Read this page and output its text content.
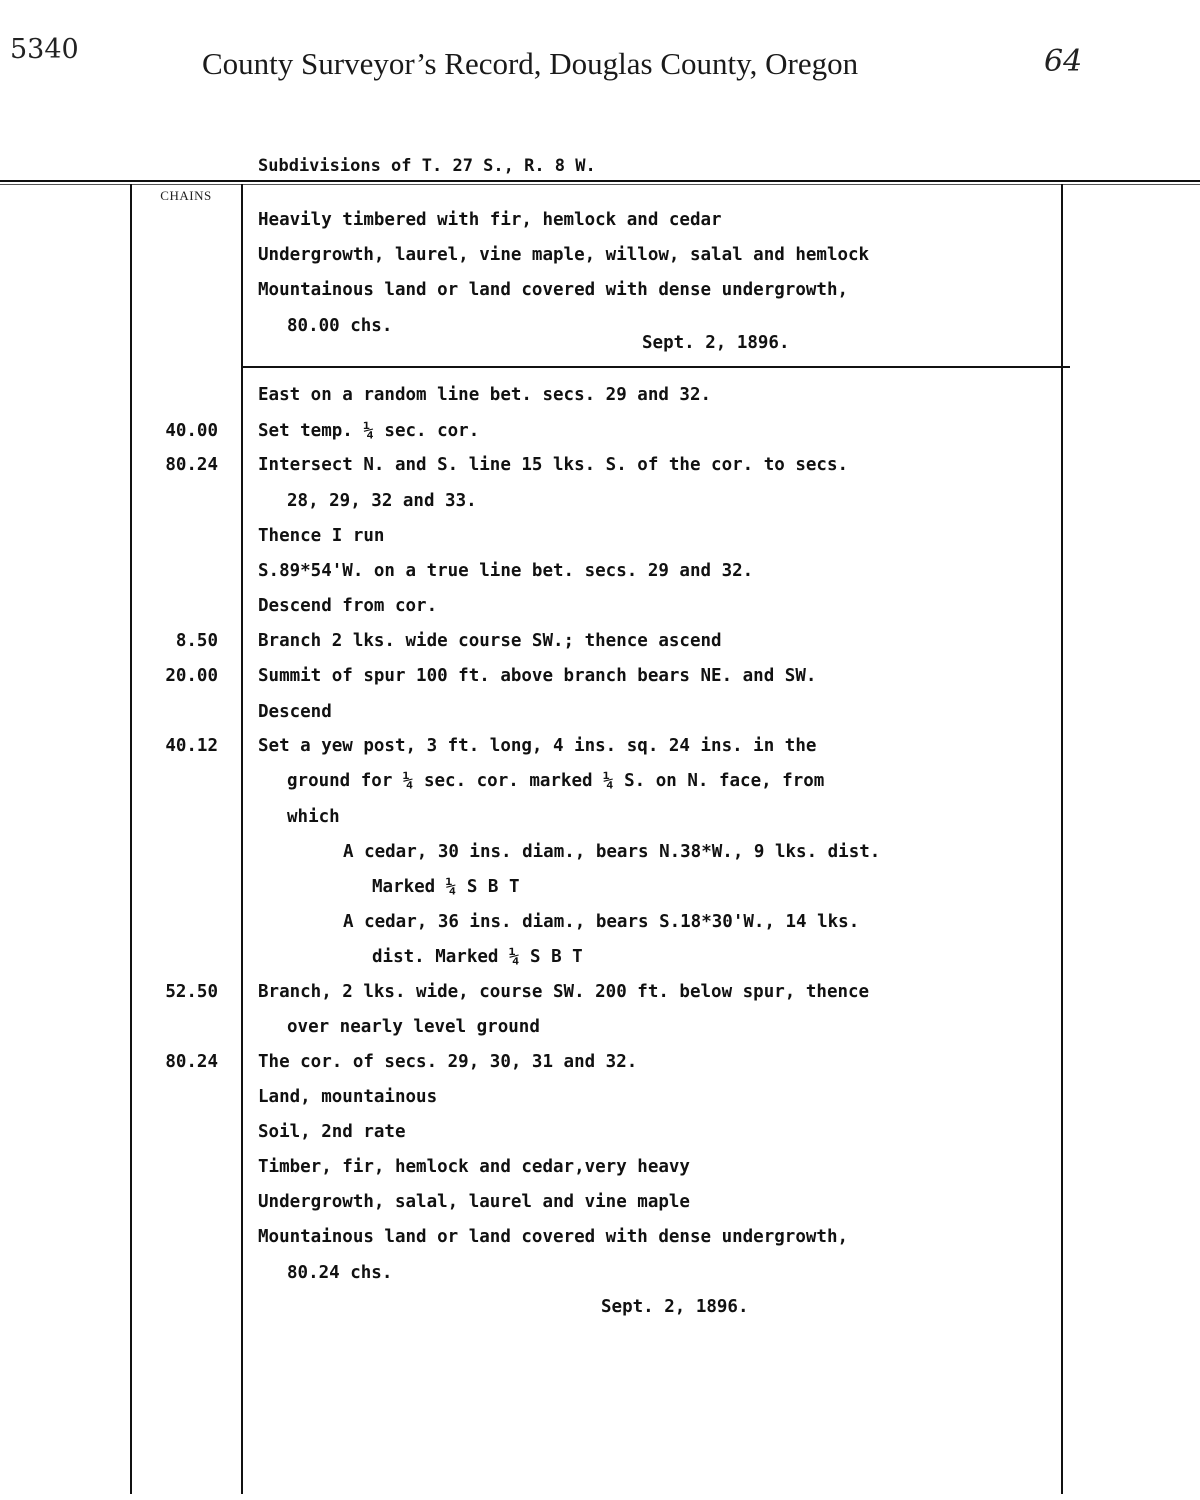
5340	County Surveyor’s Record, Douglas County, Oregon	64
Subdivisions of T. 27 S., R. 8 W.
CHAINS
Heavily timbered with fir, hemlock and cedar
Undergrowth, laurel, vine maple, willow, salal and hemlock
Mountainous land or land covered with dense undergrowth,
80.00 chs.
Sept. 2, 1896.
East on a random line bet. secs. 29 and 32.
Set temp. ¼ sec. cor.
Intersect N. and S. line 15 lks. S. of the cor. to secs.
28, 29, 32 and 33.
Thence I run
S.89*54'W. on a true line bet. secs. 29 and 32.
Descend from cor.
Branch 2 lks. wide course SW.; thence ascend
Summit of spur 100 ft. above branch bears NE. and SW.
Descend
Set a yew post, 3 ft. long, 4 ins. sq. 24 ins. in the
ground for ¼ sec. cor. marked ¼ S. on N. face, from
which
A cedar, 30 ins. diam., bears N.38*W., 9 lks. dist.
Marked ¼ S B T
A cedar, 36 ins. diam., bears S.18*30'W., 14 lks.
dist. Marked ¼ S B T
Branch, 2 lks. wide, course SW. 200 ft. below spur, thence
over nearly level ground
The cor. of secs. 29, 30, 31 and 32.
Land, mountainous
Soil, 2nd rate
Timber, fir, hemlock and cedar,very heavy
Undergrowth, salal, laurel and vine maple
Mountainous land or land covered with dense undergrowth,
80.24 chs.
Sept. 2, 1896.
40.00
80.24
8.50
20.00
40.12
52.50
80.24
